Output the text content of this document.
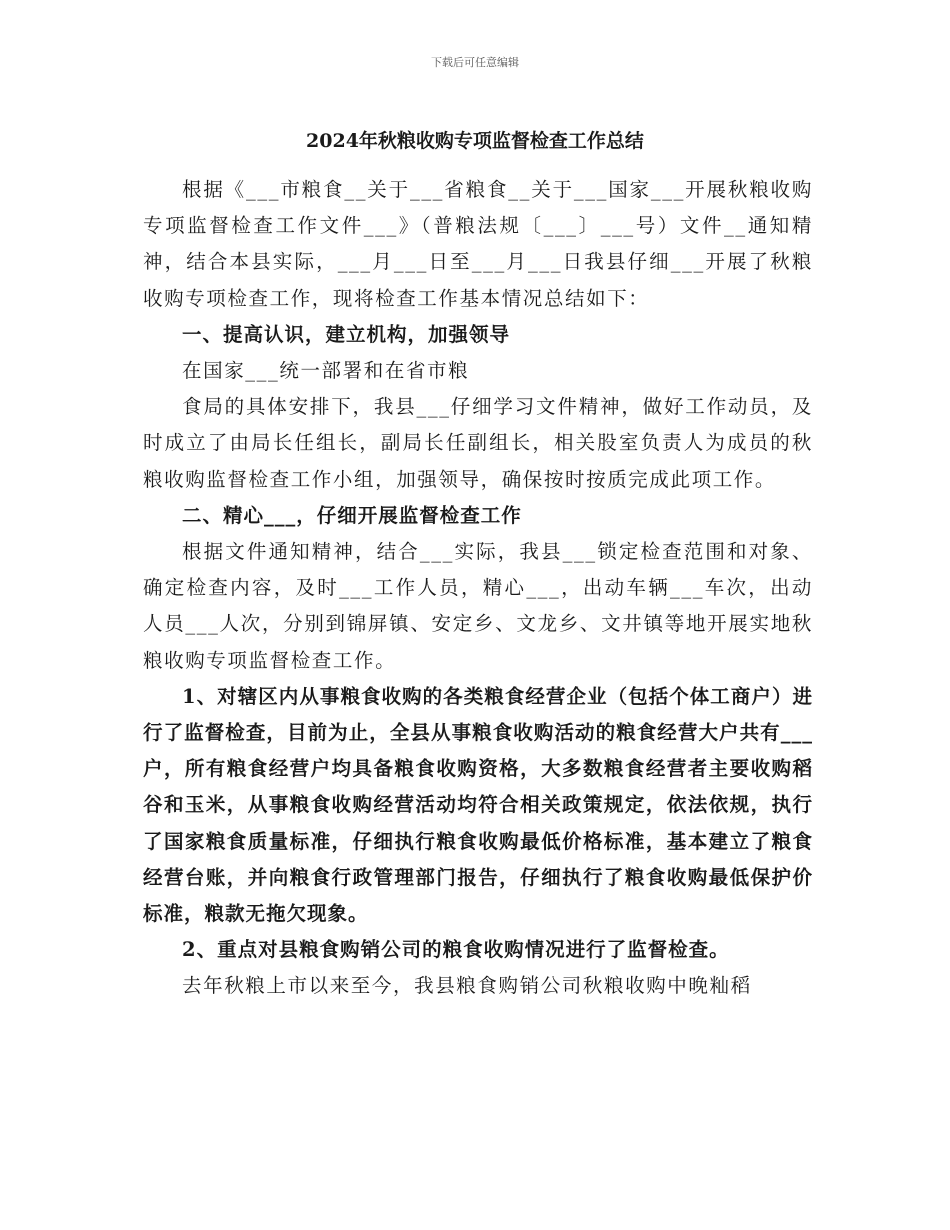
下载后可任意编辑
2024年秋粮收购专项监督检查工作总结

根据《___市粮食__关于___省粮食__关于___国家___开展秋粮收购专项监督检查工作文件___》（普粮法规〔___〕___号）文件__通知精神，结合本县实际，___月___日至___月___日我县仔细___开展了秋粮收购专项检查工作，现将检查工作基本情况总结如下：

一、提高认识，建立机构，加强领导

在国家___统一部署和在省市粮

食局的具体安排下，我县___仔细学习文件精神，做好工作动员，及时成立了由局长任组长，副局长任副组长，相关股室负责人为成员的秋粮收购监督检查工作小组，加强领导，确保按时按质完成此项工作。

二、精心___，仔细开展监督检查工作

根据文件通知精神，结合___实际，我县___锁定检查范围和对象、确定检查内容，及时___工作人员，精心___，出动车辆___车次，出动人员___人次，分别到锦屏镇、安定乡、文龙乡、文井镇等地开展实地秋粮收购专项监督检查工作。

1、对辖区内从事粮食收购的各类粮食经营企业（包括个体工商户）进行了监督检查，目前为止，全县从事粮食收购活动的粮食经营大户共有___户，所有粮食经营户均具备粮食收购资格，大多数粮食经营者主要收购稻谷和玉米，从事粮食收购经营活动均符合相关政策规定，依法依规，执行了国家粮食质量标准，仔细执行粮食收购最低价格标准，基本建立了粮食经营台账，并向粮食行政管理部门报告，仔细执行了粮食收购最低保护价标准，粮款无拖欠现象。

2、重点对县粮食购销公司的粮食收购情况进行了监督检查。

去年秋粮上市以来至今，我县粮食购销公司秋粮收购中晚籼稻
